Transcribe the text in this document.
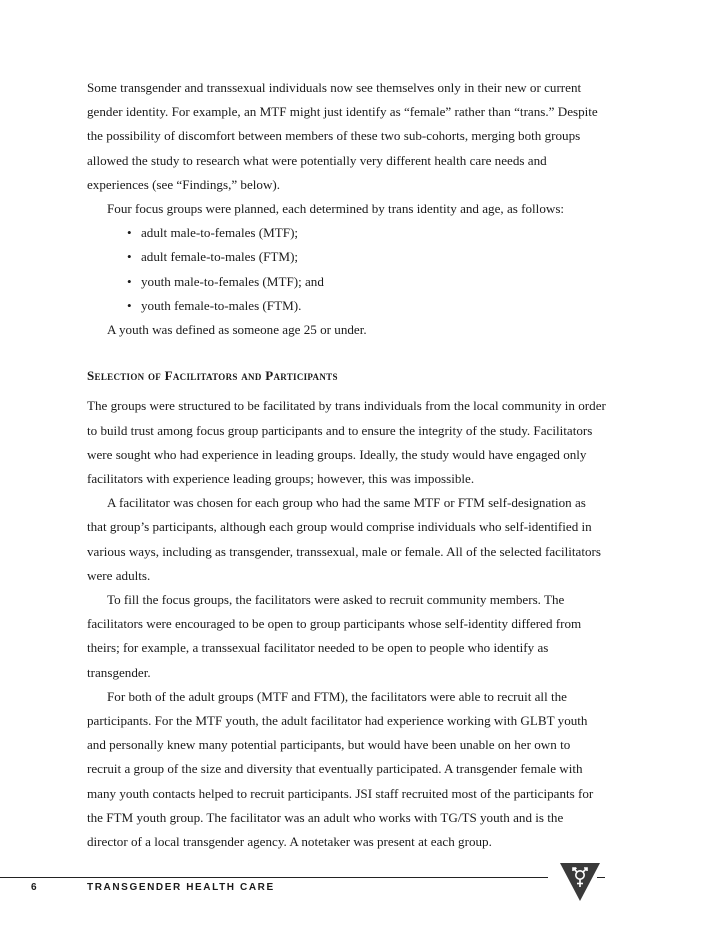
Some transgender and transsexual individuals now see themselves only in their new or current gender identity. For example, an MTF might just identify as “female” rather than “trans.” Despite the possibility of discomfort between members of these two sub-cohorts, merging both groups allowed the study to research what were potentially very different health care needs and experiences (see “Findings,” below).

Four focus groups were planned, each determined by trans identity and age, as follows:

• adult male-to-females (MTF);
• adult female-to-males (FTM);
• youth male-to-females (MTF); and
• youth female-to-males (FTM).

A youth was defined as someone age 25 or under.

Selection of Facilitators and Participants

The groups were structured to be facilitated by trans individuals from the local community in order to build trust among focus group participants and to ensure the integrity of the study. Facilitators were sought who had experience in leading groups. Ideally, the study would have engaged only facilitators with experience leading groups; however, this was impossible.

A facilitator was chosen for each group who had the same MTF or FTM self-designation as that group’s participants, although each group would comprise individuals who self-identified in various ways, including as transgender, transsexual, male or female. All of the selected facilitators were adults.

To fill the focus groups, the facilitators were asked to recruit community members. The facilitators were encouraged to be open to group participants whose self-identity differed from theirs; for example, a transsexual facilitator needed to be open to people who identify as transgender.

For both of the adult groups (MTF and FTM), the facilitators were able to recruit all the participants. For the MTF youth, the adult facilitator had experience working with GLBT youth and personally knew many potential participants, but would have been unable on her own to recruit a group of the size and diversity that eventually participated. A transgender female with many youth contacts helped to recruit participants. JSI staff recruited most of the participants for the FTM youth group. The facilitator was an adult who works with TG/TS youth and is the director of a local transgender agency. A notetaker was present at each group.

6	TRANSGENDER HEALTH CARE
